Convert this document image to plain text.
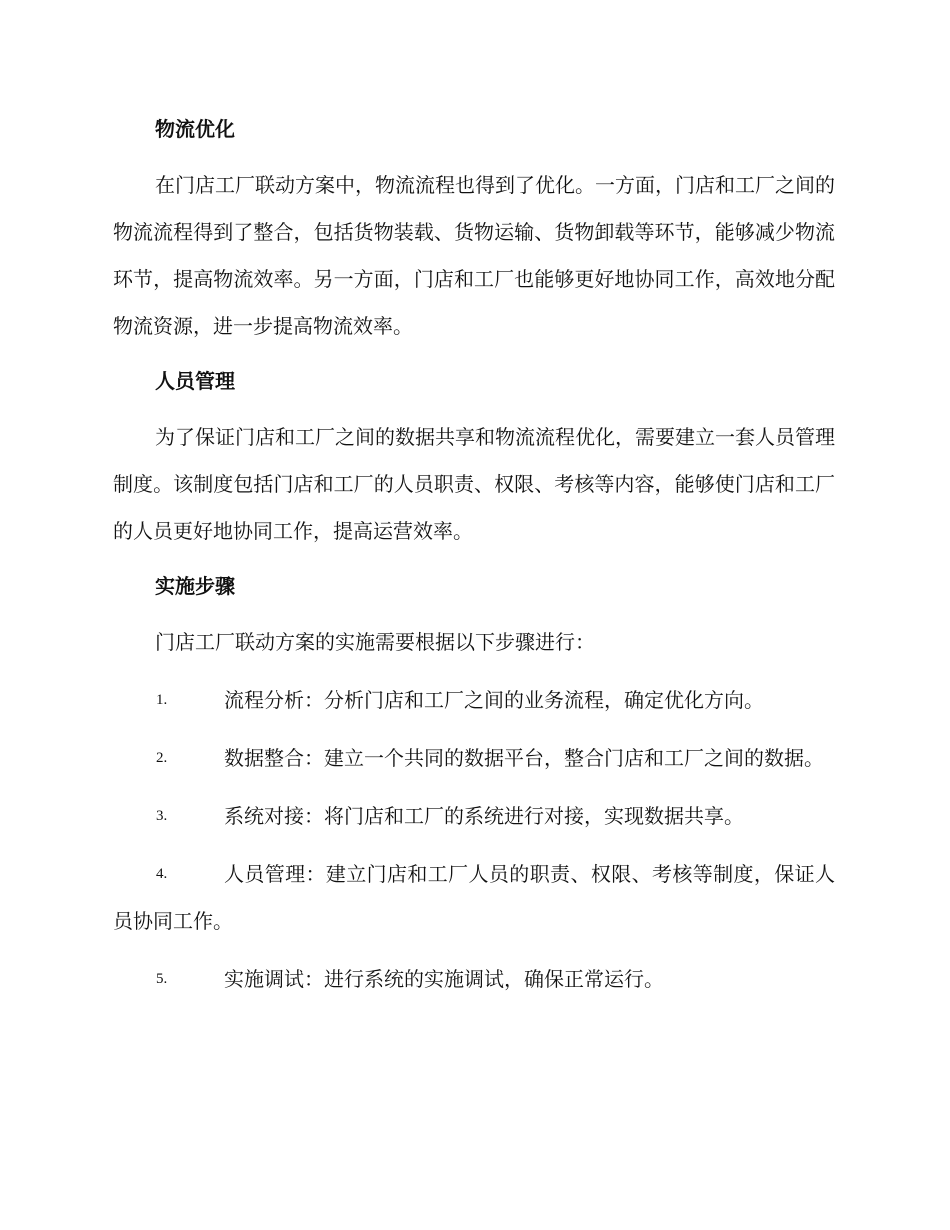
物流优化

在门店工厂联动方案中，物流流程也得到了优化。一方面，门店和工厂之间的物流流程得到了整合，包括货物装载、货物运输、货物卸载等环节，能够减少物流环节，提高物流效率。另一方面，门店和工厂也能够更好地协同工作，高效地分配物流资源，进一步提高物流效率。

人员管理

为了保证门店和工厂之间的数据共享和物流流程优化，需要建立一套人员管理制度。该制度包括门店和工厂的人员职责、权限、考核等内容，能够使门店和工厂的人员更好地协同工作，提高运营效率。

实施步骤

门店工厂联动方案的实施需要根据以下步骤进行：

1.	流程分析：分析门店和工厂之间的业务流程，确定优化方向。
2.	数据整合：建立一个共同的数据平台，整合门店和工厂之间的数据。
3.	系统对接：将门店和工厂的系统进行对接，实现数据共享。
4.	人员管理：建立门店和工厂人员的职责、权限、考核等制度，保证人员协同工作。
5.	实施调试：进行系统的实施调试，确保正常运行。
